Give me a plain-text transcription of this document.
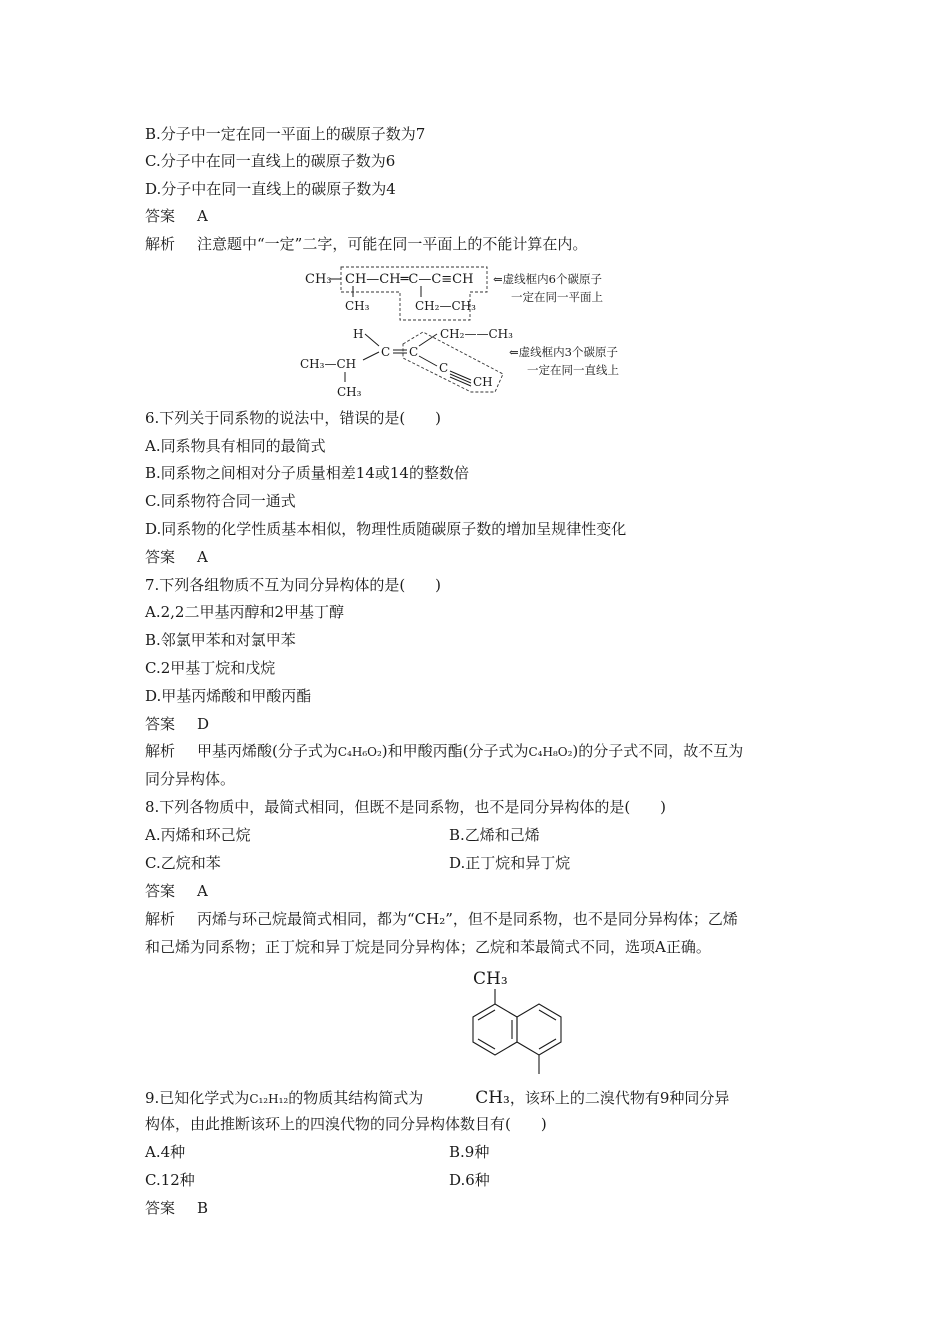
B.分子中一定在同一平面上的碳原子数为7
C.分子中在同一直线上的碳原子数为6
D.分子中在同一直线上的碳原子数为4
答案 A
解析 注意题中“一定”二字，可能在同一平面上的不能计算在内。
CH₃ CH—CH═C—C≡CH
CH₃	CH₂—CH₃
⇐虚线框内6个碳原子
一定在同一平面上
H	CH₂——CH₃
CH₃—CH
C C
C
CH
CH₃
⇐虚线框内3个碳原子
一定在同一直线上
6.下列关于同系物的说法中，错误的是(　　)
A.同系物具有相同的最简式
B.同系物之间相对分子质量相差14或14的整数倍
C.同系物符合同一通式
D.同系物的化学性质基本相似，物理性质随碳原子数的增加呈规律性变化
答案 A
7.下列各组物质不互为同分异构体的是(　　)
A.2,2二甲基丙醇和2甲基丁醇
B.邻氯甲苯和对氯甲苯
C.2甲基丁烷和戊烷
D.甲基丙烯酸和甲酸丙酯
答案 D
解析 甲基丙烯酸(分子式为C₄H₆O₂)和甲酸丙酯(分子式为C₄H₈O₂)的分子式不同，故不互为
同分异构体。
8.下列各物质中，最简式相同，但既不是同系物，也不是同分异构体的是(　　)
A.丙烯和环己烷	B.乙烯和己烯
C.乙烷和苯	D.正丁烷和异丁烷
答案 A
解析 丙烯与环己烷最简式相同，都为“CH₂”，但不是同系物，也不是同分异构体；乙烯
和己烯为同系物；正丁烷和异丁烷是同分异构体；乙烷和苯最简式不同，选项A正确。
CH₃
9.已知化学式为C₁₂H₁₂的物质其结构简式为	CH₃，该环上的二溴代物有9种同分异
构体，由此推断该环上的四溴代物的同分异构体数目有(　　)
A.4种	B.9种
C.12种	D.6种
答案 B
